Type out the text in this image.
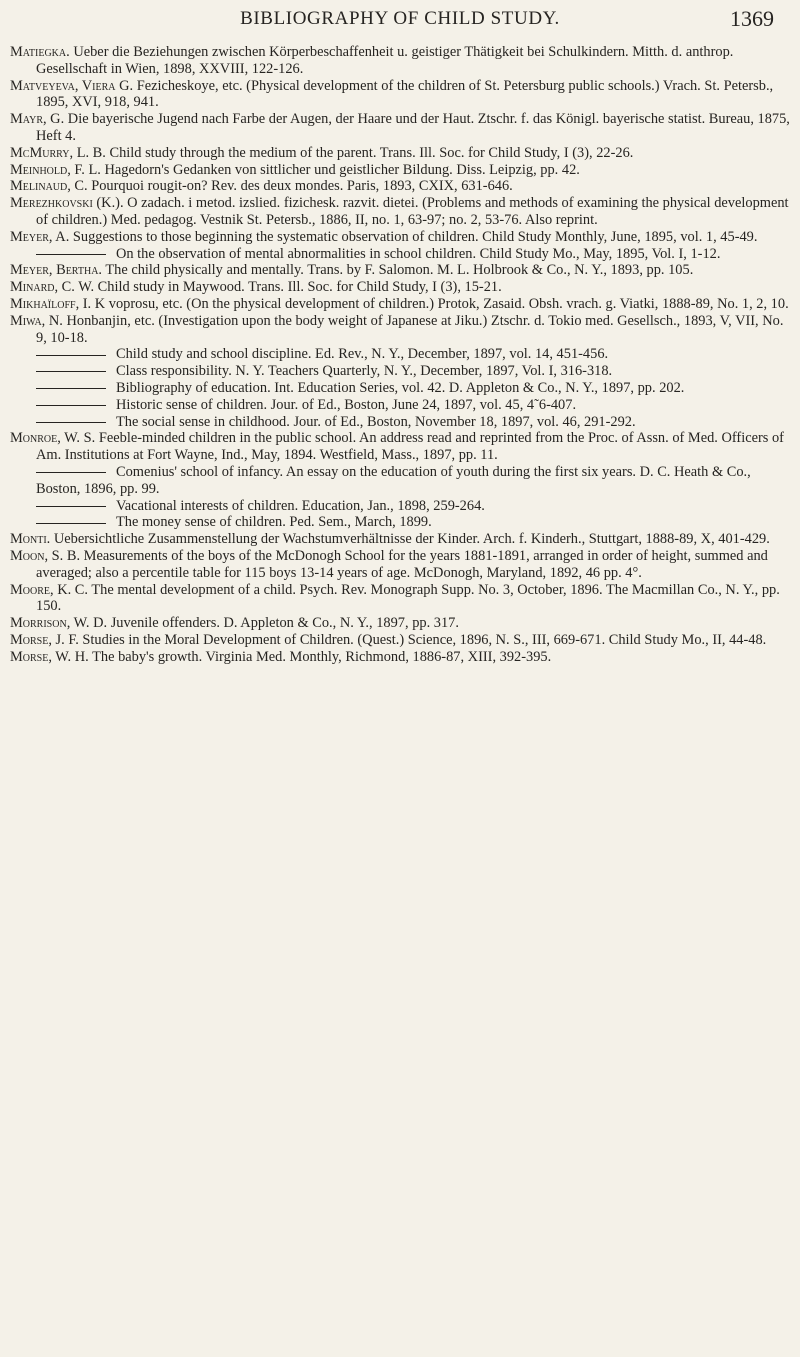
BIBLIOGRAPHY OF CHILD STUDY.	1369

Matiegka. Ueber die Beziehungen zwischen Körperbeschaffenheit u. geistiger Thätigkeit bei Schulkindern. Mitth. d. anthrop. Gesellschaft in Wien, 1898, XXVIII, 122-126.

Matveyeva, Viera G. Fezicheskoye, etc. (Physical development of the children of St. Petersburg public schools.) Vrach. St. Petersb., 1895, XVI, 918, 941.

Mayr, G. Die bayerische Jugend nach Farbe der Augen, der Haare und der Haut. Ztschr. f. das Königl. bayerische statist. Bureau, 1875, Heft 4.

McMurry, L. B. Child study through the medium of the parent. Trans. Ill. Soc. for Child Study, I (3), 22-26.

Meinhold, F. L. Hagedorn's Gedanken von sittlicher und geistlicher Bildung. Diss. Leipzig, pp. 42.

Melinaud, C. Pourquoi rougit-on? Rev. des deux mondes. Paris, 1893, CXIX, 631-646.

Merezhkovski (K.). O zadach. i metod. izslied. fizichesk. razvit. dietei. (Problems and methods of examining the physical development of children.) Med. pedagog. Vestnik St. Petersb., 1886, II, no. 1, 63-97; no. 2, 53-76. Also reprint.

Meyer, A. Suggestions to those beginning the systematic observation of children. Child Study Monthly, June, 1895, vol. 1, 45-49.

On the observation of mental abnormalities in school children. Child Study Mo., May, 1895, Vol. I, 1-12.

Meyer, Bertha. The child physically and mentally. Trans. by F. Salomon. M. L. Holbrook & Co., N. Y., 1893, pp. 105.

Minard, C. W. Child study in Maywood. Trans. Ill. Soc. for Child Study, I (3), 15-21.

Mikhaïloff, I. K voprosu, etc. (On the physical development of children.) Protok, Zasaid. Obsh. vrach. g. Viatki, 1888-89, No. 1, 2, 10.

Miwa, N. Honbanjin, etc. (Investigation upon the body weight of Japanese at Jiku.) Ztschr. d. Tokio med. Gesellsch., 1893, V, VII, No. 9, 10-18.

Child study and school discipline. Ed. Rev., N. Y., December, 1897, vol. 14, 451-456.

Class responsibility. N. Y. Teachers Quarterly, N. Y., December, 1897, Vol. I, 316-318.

Bibliography of education. Int. Education Series, vol. 42. D. Appleton & Co., N. Y., 1897, pp. 202.

Historic sense of children. Jour. of Ed., Boston, June 24, 1897, vol. 45, 4˜6-407.

The social sense in childhood. Jour. of Ed., Boston, November 18, 1897, vol. 46, 291-292.

Monroe, W. S. Feeble-minded children in the public school. An address read and reprinted from the Proc. of Assn. of Med. Officers of Am. Institutions at Fort Wayne, Ind., May, 1894. Westfield, Mass., 1897, pp. 11.

Comenius' school of infancy. An essay on the education of youth during the first six years. D. C. Heath & Co., Boston, 1896, pp. 99.

Vacational interests of children. Education, Jan., 1898, 259-264.

The money sense of children. Ped. Sem., March, 1899.

Monti. Uebersichtliche Zusammenstellung der Wachstumverhältnisse der Kinder. Arch. f. Kinderh., Stuttgart, 1888-89, X, 401-429.

Moon, S. B. Measurements of the boys of the McDonogh School for the years 1881-1891, arranged in order of height, summed and averaged; also a percentile table for 115 boys 13-14 years of age. McDonogh, Maryland, 1892, 46 pp. 4°.

Moore, K. C. The mental development of a child. Psych. Rev. Monograph Supp. No. 3, October, 1896. The Macmillan Co., N. Y., pp. 150.

Morrison, W. D. Juvenile offenders. D. Appleton & Co., N. Y., 1897, pp. 317.

Morse, J. F. Studies in the Moral Development of Children. (Quest.) Science, 1896, N. S., III, 669-671. Child Study Mo., II, 44-48.

Morse, W. H. The baby's growth. Virginia Med. Monthly, Richmond, 1886-87, XIII, 392-395.
